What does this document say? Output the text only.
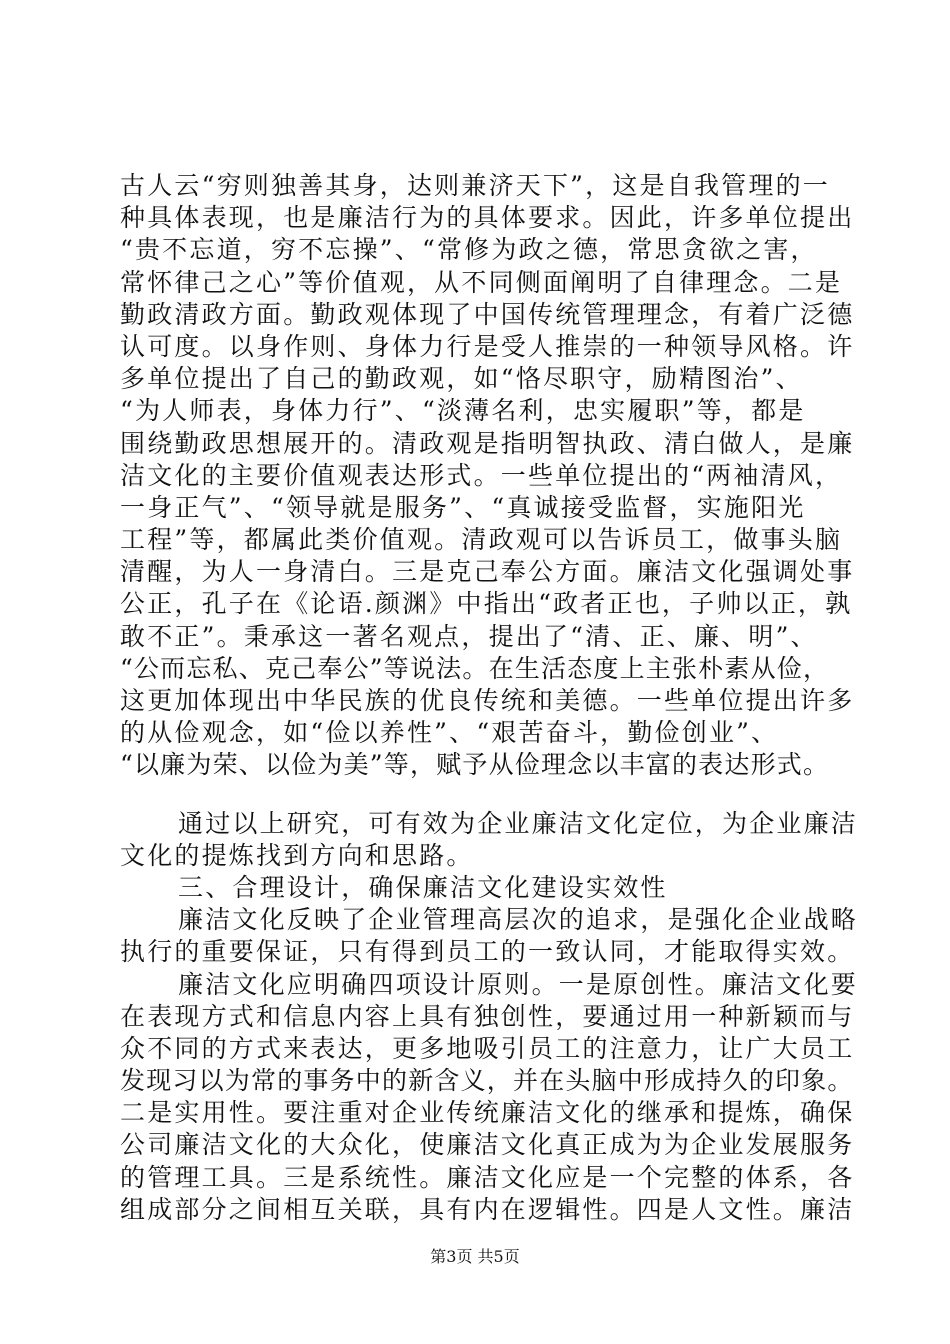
古人云“穷则独善其身，达则兼济天下”，这是自我管理的一
种具体表现，也是廉洁行为的具体要求。因此，许多单位提出
“贵不忘道，穷不忘操”、“常修为政之德，常思贪欲之害，
常怀律己之心”等价值观，从不同侧面阐明了自律理念。二是
勤政清政方面。勤政观体现了中国传统管理理念，有着广泛德
认可度。以身作则、身体力行是受人推崇的一种领导风格。许
多单位提出了自己的勤政观，如“恪尽职守，励精图治”、
“为人师表，身体力行”、“淡薄名利，忠实履职”等，都是
围绕勤政思想展开的。清政观是指明智执政、清白做人，是廉
洁文化的主要价值观表达形式。一些单位提出的“两袖清风，
一身正气”、“领导就是服务”、“真诚接受监督，实施阳光
工程”等，都属此类价值观。清政观可以告诉员工，做事头脑
清醒，为人一身清白。三是克己奉公方面。廉洁文化强调处事
公正，孔子在《论语.颜渊》中指出“政者正也，子帅以正，孰
敢不正”。秉承这一著名观点，提出了“清、正、廉、明”、
“公而忘私、克己奉公”等说法。在生活态度上主张朴素从俭，
这更加体现出中华民族的优良传统和美德。一些单位提出许多
的从俭观念，如“俭以养性”、“艰苦奋斗，勤俭创业”、
“以廉为荣、以俭为美”等，赋予从俭理念以丰富的表达形式。
通过以上研究，可有效为企业廉洁文化定位，为企业廉洁
文化的提炼找到方向和思路。
三、合理设计，确保廉洁文化建设实效性
廉洁文化反映了企业管理高层次的追求，是强化企业战略
执行的重要保证，只有得到员工的一致认同，才能取得实效。
廉洁文化应明确四项设计原则。一是原创性。廉洁文化要
在表现方式和信息内容上具有独创性，要通过用一种新颖而与
众不同的方式来表达，更多地吸引员工的注意力，让广大员工
发现习以为常的事务中的新含义，并在头脑中形成持久的印象。
二是实用性。要注重对企业传统廉洁文化的继承和提炼，确保
公司廉洁文化的大众化，使廉洁文化真正成为为企业发展服务
的管理工具。三是系统性。廉洁文化应是一个完整的体系，各
组成部分之间相互关联，具有内在逻辑性。四是人文性。廉洁
第3页 共5页
